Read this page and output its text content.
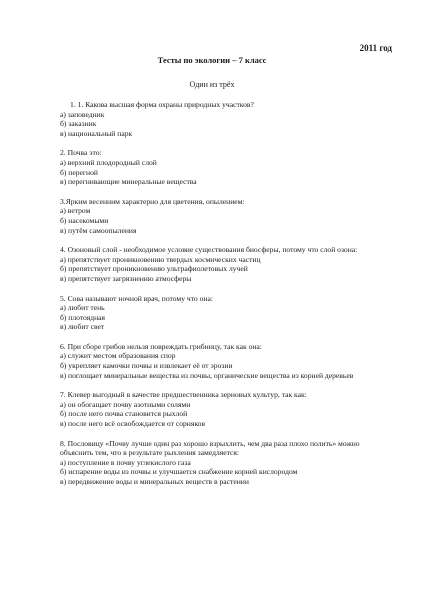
2011 год
Тесты по экологии – 7 класс
Один из трёх
1. 1. Какова высшая форма охраны природных участков?
а) заповедник
б) заказник
в) национальный парк
2. Почва это:
а) верхний плодородный слой
б) перегной
в) перегнивающие минеральные вещества
3.Ярким весенним характерно для цветения, опылением:
а) ветром
б) насекомыми
в) путём самоопыления
4. Озоновый слой - необходимое условие существования биосферы, потому что слой озона:
а) препятствует проникновению твердых космических частиц
б) препятствует проникновению ультрафиолетовых лучей
в) препятствует загрязнению атмосферы
5. Сова называют ночной врач, потому что она:
а) любит тень
б) плотоядная
в) любит свет
6. При сборе грибов нельзя повреждать грибницу, так как она:
а) служит местом образования спор
б) укрепляет камочки почвы и извлекает её от эрозии
в) поглощает минеральные вещества из почвы, органические вещества из корней деревьев
7. Клевер выгодный в качестве предшественника зерновых культур, так как:
а) он обогащает почву азотными солями
б) после него почва становится рыхлой
в) после него всё освобождается от сорняков
8. Пословицу «Почву лучше один раз хорошо взрыхлить, чем два раза плохо полить» можно объяснить тем, что в результате рыхления замедляется:
а) поступление в почву углекислого газа
б) испарение воды из почвы и улучшается снабжение корней кислородом
в) передвижение воды и минеральных веществ в растении
